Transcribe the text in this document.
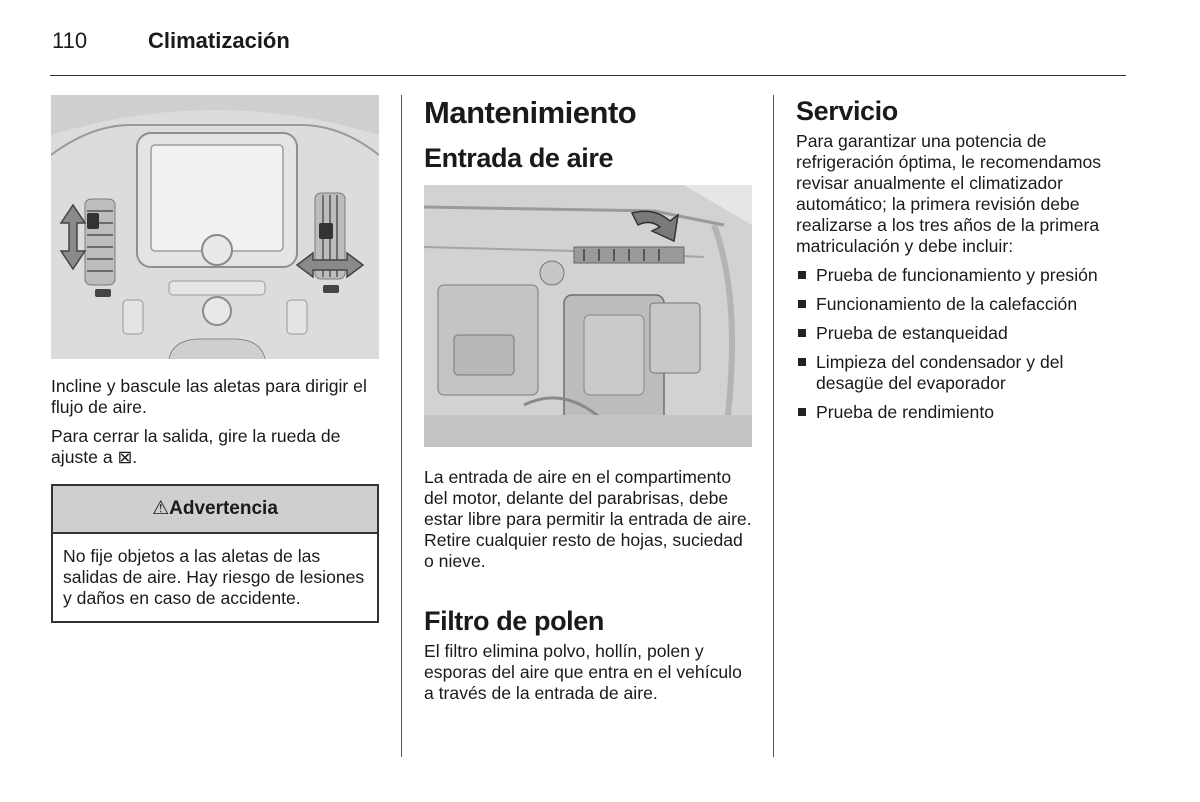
110	Climatización

Incline y bascule las aletas para dirigir el flujo de aire.

Para cerrar la salida, gire la rueda de ajuste a ⊠.

⚠Advertencia

No fije objetos a las aletas de las salidas de aire. Hay riesgo de lesiones y daños en caso de accidente.

Mantenimiento
Entrada de aire

La entrada de aire en el compartimento del motor, delante del parabrisas, debe estar libre para permitir la entrada de aire. Retire cualquier resto de hojas, suciedad o nieve.

Filtro de polen

El filtro elimina polvo, hollín, polen y esporas del aire que entra en el vehículo a través de la entrada de aire.

Servicio

Para garantizar una potencia de refrigeración óptima, le recomendamos revisar anualmente el climatizador automático; la primera revisión debe realizarse a los tres años de la primera matriculación y debe incluir:

Prueba de funcionamiento y presión
Funcionamiento de la calefacción
Prueba de estanqueidad
Limpieza del condensador y del desagüe del evaporador
Prueba de rendimiento
